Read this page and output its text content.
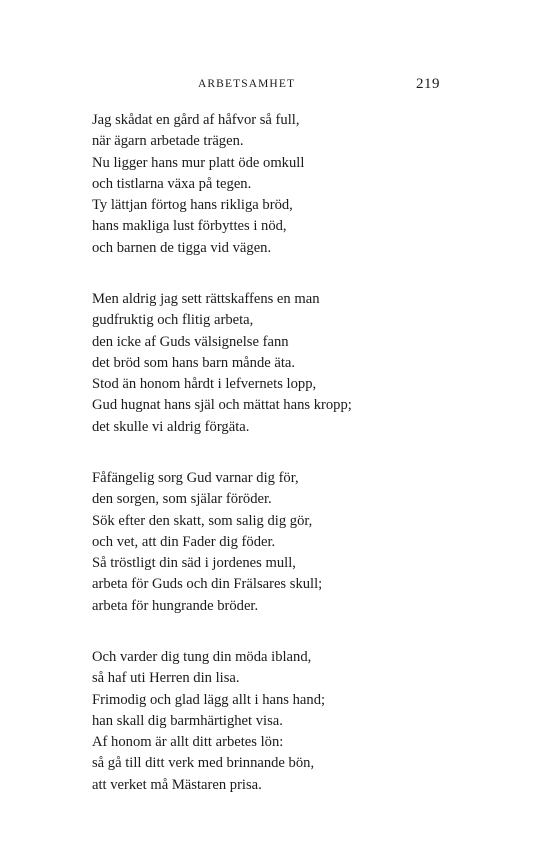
ARBETSAMHET	219
Jag skådat en gård af håfvor så full,
när ägarn arbetade trägen.
Nu ligger hans mur platt öde omkull
och tistlarna växa på tegen.
Ty lättjan förtog hans rikliga bröd,
hans makliga lust förbyttes i nöd,
och barnen de tigga vid vägen.
Men aldrig jag sett rättskaffens en man
gudfruktig och flitig arbeta,
den icke af Guds välsignelse fann
det bröd som hans barn månde äta.
Stod än honom hårdt i lefvernets lopp,
Gud hugnat hans själ och mättat hans kropp;
det skulle vi aldrig förgäta.
Fåfängelig sorg Gud varnar dig för,
den sorgen, som själar föröder.
Sök efter den skatt, som salig dig gör,
och vet, att din Fader dig föder.
Så tröstligt din säd i jordenes mull,
arbeta för Guds och din Frälsares skull;
arbeta för hungrande bröder.
Och varder dig tung din möda ibland,
så haf uti Herren din lisa.
Frimodig och glad lägg allt i hans hand;
han skall dig barmhärtighet visa.
Af honom är allt ditt arbetes lön:
så gå till ditt verk med brinnande bön,
att verket må Mästaren prisa.
